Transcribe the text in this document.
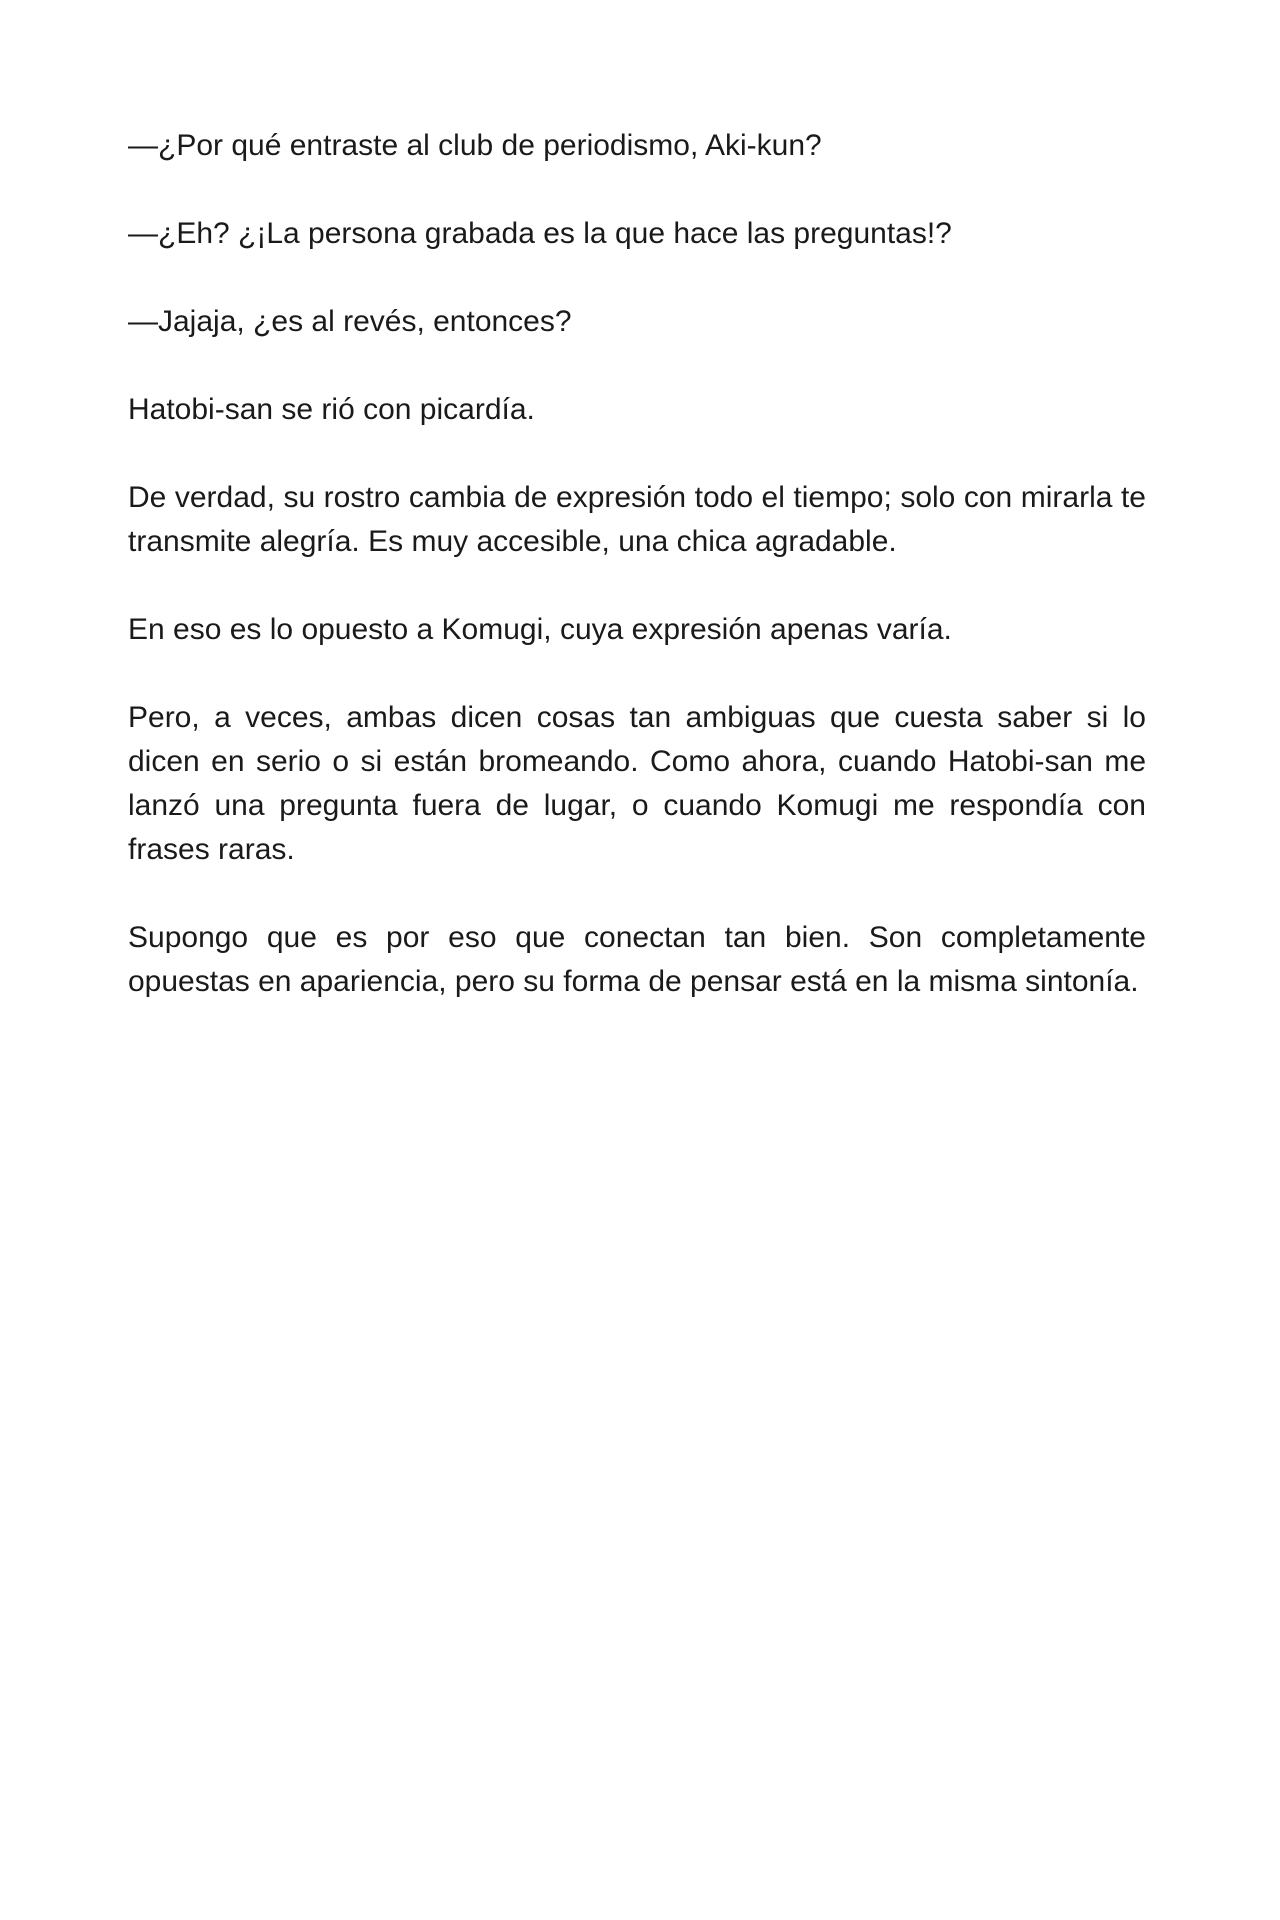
—¿Por qué entraste al club de periodismo, Aki-kun?

—¿Eh? ¿¡La persona grabada es la que hace las preguntas!?

—Jajaja, ¿es al revés, entonces?

Hatobi-san se rió con picardía.

De verdad, su rostro cambia de expresión todo el tiempo; solo con mirarla te transmite alegría. Es muy accesible, una chica agradable.

En eso es lo opuesto a Komugi, cuya expresión apenas varía.

Pero, a veces, ambas dicen cosas tan ambiguas que cuesta saber si lo dicen en serio o si están bromeando. Como ahora, cuando Hatobi-san me lanzó una pregunta fuera de lugar, o cuando Komugi me respondía con frases raras.

Supongo que es por eso que conectan tan bien. Son completamente opuestas en apariencia, pero su forma de pensar está en la misma sintonía.
